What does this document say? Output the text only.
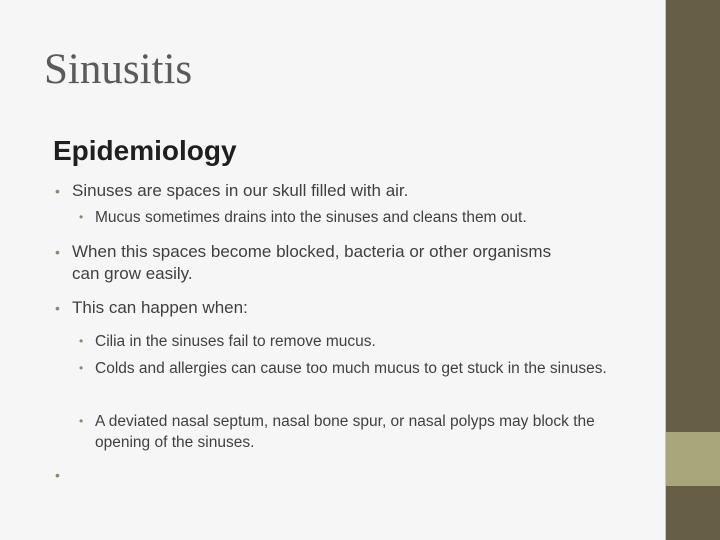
Sinusitis
Epidemiology
• Sinuses are spaces in our skull filled with air.
• Mucus sometimes drains into the sinuses and cleans them out.
• When this spaces become blocked, bacteria or other organisms can grow easily.
• This can happen when:
• Cilia in the sinuses fail to remove mucus.
• Colds and allergies can cause too much mucus to get stuck in the sinuses.
• A deviated nasal septum, nasal bone spur, or nasal polyps may block the opening of the sinuses.
•
